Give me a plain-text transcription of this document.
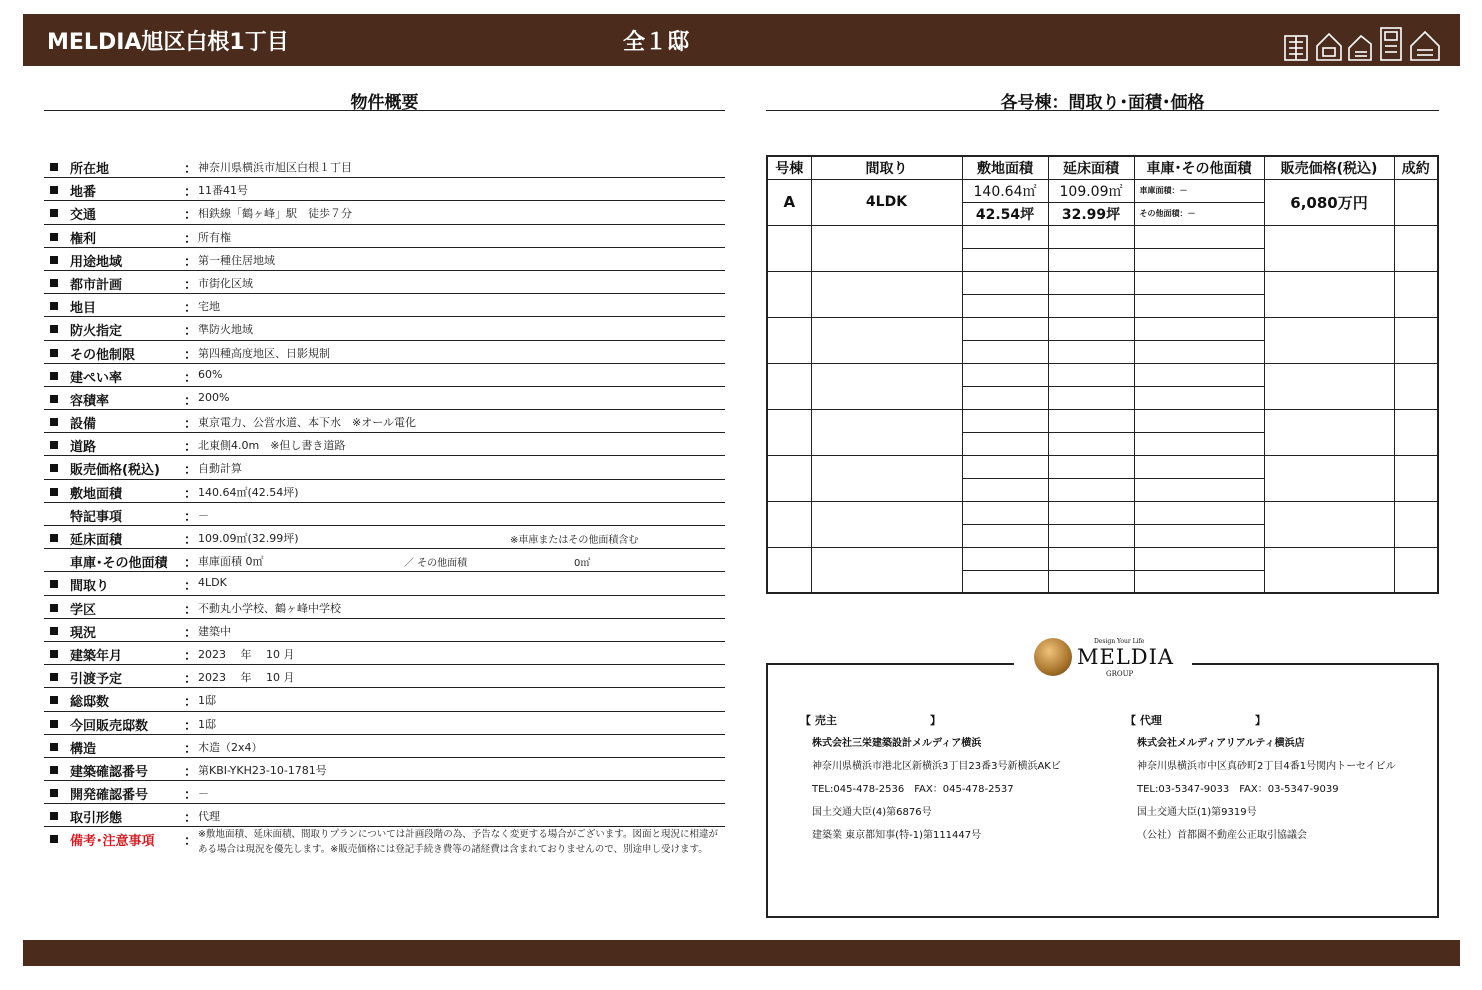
MELDIA旭区白根1丁目	全１邸
物件概要	各号棟：間取り･面積･価格
所在地	： 神奈川県横浜市旭区白根１丁目
地番	： 11番41号
交通	： 相鉄線「鶴ヶ峰」駅　徒歩７分
権利	： 所有権
用途地域	： 第一種住居地域
都市計画	： 市街化区域
地目	： 宅地
防火指定	： 準防火地域
その他制限	： 第四種高度地区、日影規制
建ぺい率	： 60%
容積率	： 200%
設備	： 東京電力、公営水道、本下水　※オール電化
道路	： 北東側4.0m　※但し書き道路
販売価格(税込) ： 自動計算
敷地面積	： 140.64㎡(42.54坪)
特記事項	： －
延床面積	： 109.09㎡(32.99坪)	※車庫またはその他面積含む
車庫･その他面積 ： 車庫面積 0㎡	／ その他面積	0㎡
間取り	： 4LDK
学区	： 不動丸小学校、鶴ヶ峰中学校
現況	： 建築中
建築年月	： 2023　 年　 10 月
引渡予定	： 2023　 年　 10 月
総邸数	： 1邸
今回販売邸数	： 1邸
構造	： 木造（2x4）
建築確認番号	： 第KBI-YKH23-10-1781号
開発確認番号	： －
取引形態	： 代理
備考･注意事項 ： ※敷地面積、延床面積、間取りプランについては計画段階の為、予告なく変更する場合がございます。図面と現況に相違がある場合は現況を優先します。※販売価格には登記手続き費等の諸経費は含まれておりませんので、別途申し受けます。
号棟	間取り	敷地面積	延床面積	車庫･その他面積	販売価格(税込)	成約
A	4LDK	140.64㎡	109.09㎡	車庫面積：－	6,080万円	
		42.54坪	32.99坪	その他面積：－		

Design Your Life
MELDIA
GROUP
【 売主	】
株式会社三栄建築設計メルディア横浜
神奈川県横浜市港北区新横浜3丁目23番3号新横浜AKビ
TEL:045-478-2536　FAX：045-478-2537
国土交通大臣(4)第6876号
建築業 東京都知事(特-1)第111447号
【 代理	】
株式会社メルディアリアルティ横浜店
神奈川県横浜市中区真砂町2丁目4番1号関内トーセイビル
TEL:03-5347-9033　FAX：03-5347-9039
国土交通大臣(1)第9319号
（公社）首都圏不動産公正取引協議会
